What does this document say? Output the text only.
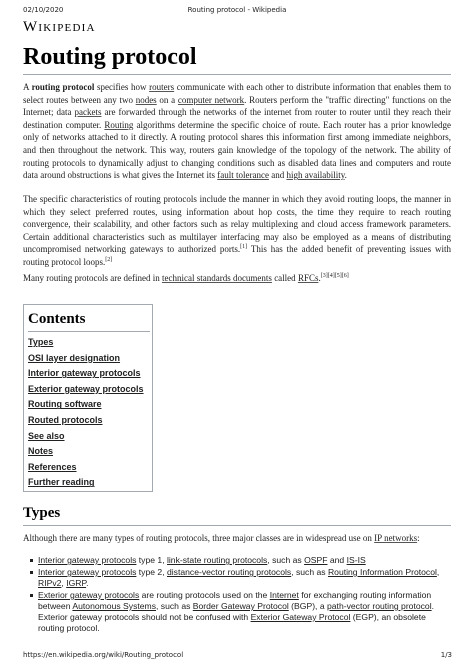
02/10/2020	Routing protocol - Wikipedia
Wikipedia
Routing protocol

A routing protocol specifies how routers communicate with each other to distribute information that enables them to select routes between any two nodes on a computer network. Routers perform the "traffic directing" functions on the Internet; data packets are forwarded through the networks of the internet from router to router until they reach their destination computer. Routing algorithms determine the specific choice of route. Each router has a prior knowledge only of networks attached to it directly. A routing protocol shares this information first among immediate neighbors, and then throughout the network. This way, routers gain knowledge of the topology of the network. The ability of routing protocols to dynamically adjust to changing conditions such as disabled data lines and computers and route data around obstructions is what gives the Internet its fault tolerance and high availability.

The specific characteristics of routing protocols include the manner in which they avoid routing loops, the manner in which they select preferred routes, using information about hop costs, the time they require to reach routing convergence, their scalability, and other factors such as relay multiplexing and cloud access framework parameters. Certain additional characteristics such as multilayer interfacing may also be employed as a means of distributing uncompromised networking gateways to authorized ports.[1] This has the added benefit of preventing issues with routing protocol loops.[2]

Many routing protocols are defined in technical standards documents called RFCs.[3][4][5][6]

Contents
Types
OSI layer designation
Interior gateway protocols
Exterior gateway protocols
Routing software
Routed protocols
See also
Notes
References
Further reading
Types

Although there are many types of routing protocols, three major classes are in widespread use on IP networks:

Interior gateway protocols type 1, link-state routing protocols, such as OSPF and IS-IS
Interior gateway protocols type 2, distance-vector routing protocols, such as Routing Information Protocol, RIPv2, IGRP.
Exterior gateway protocols are routing protocols used on the Internet for exchanging routing information between Autonomous Systems, such as Border Gateway Protocol (BGP), a path-vector routing protocol. Exterior gateway protocols should not be confused with Exterior Gateway Protocol (EGP), an obsolete routing protocol.
https://en.wikipedia.org/wiki/Routing_protocol	1/3
